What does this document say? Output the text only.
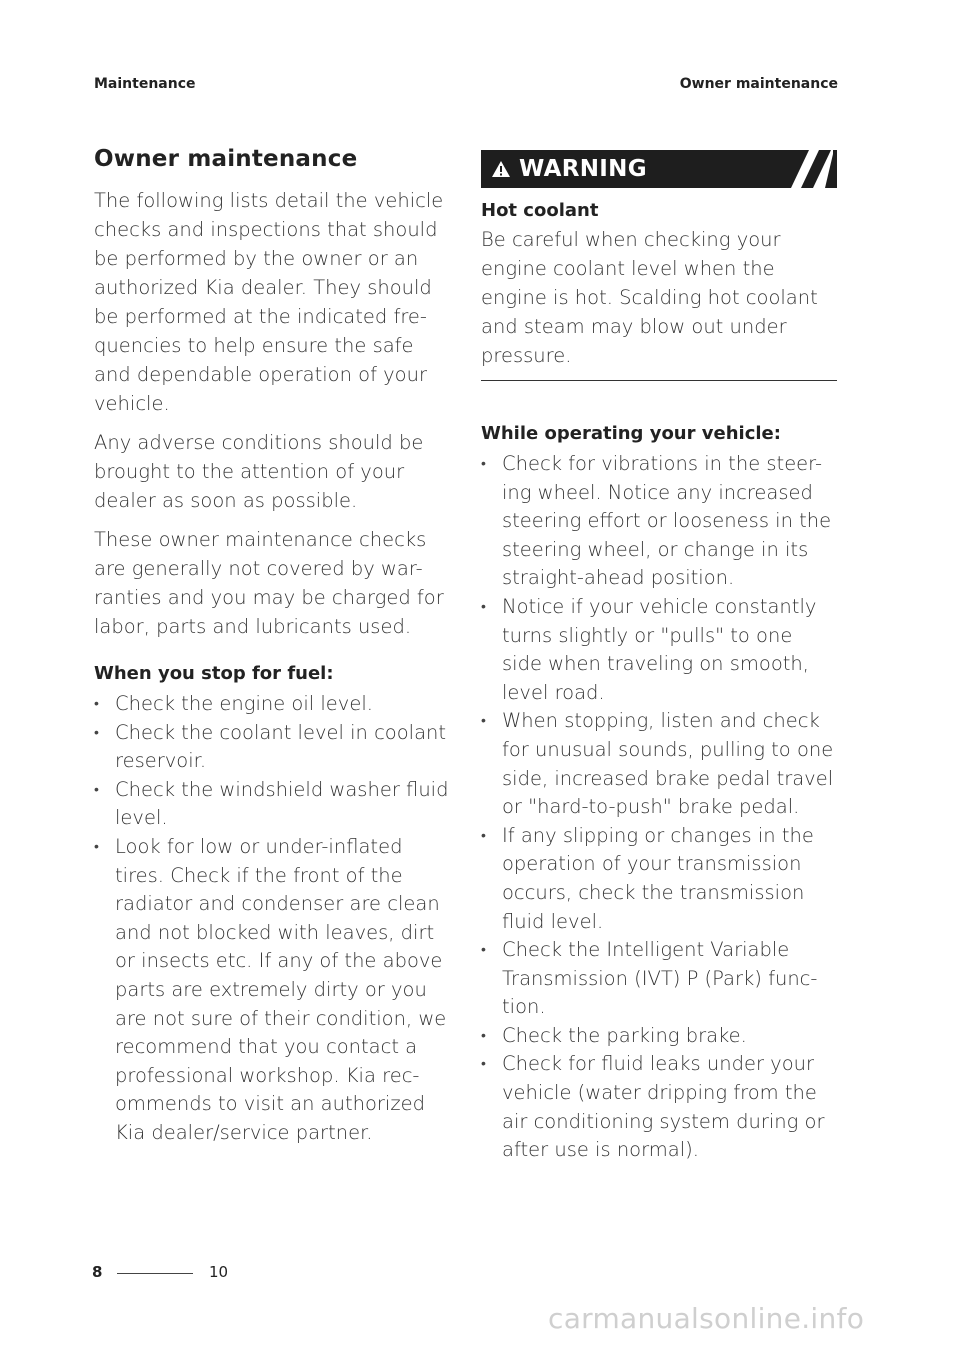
Maintenance	Owner maintenance
Owner maintenance

The following lists detail the vehicle checks and inspections that should be performed by the owner or an authorized Kia dealer. They should be performed at the indicated fre-quencies to help ensure the safe and dependable operation of your vehicle.

Any adverse conditions should be brought to the attention of your dealer as soon as possible.

These owner maintenance checks are generally not covered by war-ranties and you may be charged for labor, parts and lubricants used.

When you stop for fuel:
• Check the engine oil level.
• Check the coolant level in coolant reservoir.
• Check the windshield washer fluid level.
• Look for low or under-inflated tires. Check if the front of the radiator and condenser are clean and not blocked with leaves, dirt or insects etc. If any of the above parts are extremely dirty or you are not sure of their condition, we recommend that you contact a professional workshop. Kia rec-ommends to visit an authorized Kia dealer/service partner.
WARNING
Hot coolant

Be careful when checking your engine coolant level when the engine is hot. Scalding hot coolant and steam may blow out under pressure.

While operating your vehicle:
• Check for vibrations in the steer-ing wheel. Notice any increased steering effort or looseness in the steering wheel, or change in its straight-ahead position.
• Notice if your vehicle constantly turns slightly or "pulls" to one side when traveling on smooth, level road.
• When stopping, listen and check for unusual sounds, pulling to one side, increased brake pedal travel or "hard-to-push" brake pedal.
• If any slipping or changes in the operation of your transmission occurs, check the transmission fluid level.
• Check the Intelligent Variable Transmission (IVT) P (Park) func-tion.
• Check the parking brake.
• Check for fluid leaks under your vehicle (water dripping from the air conditioning system during or after use is normal).
8	10
carmanualsonline.info
